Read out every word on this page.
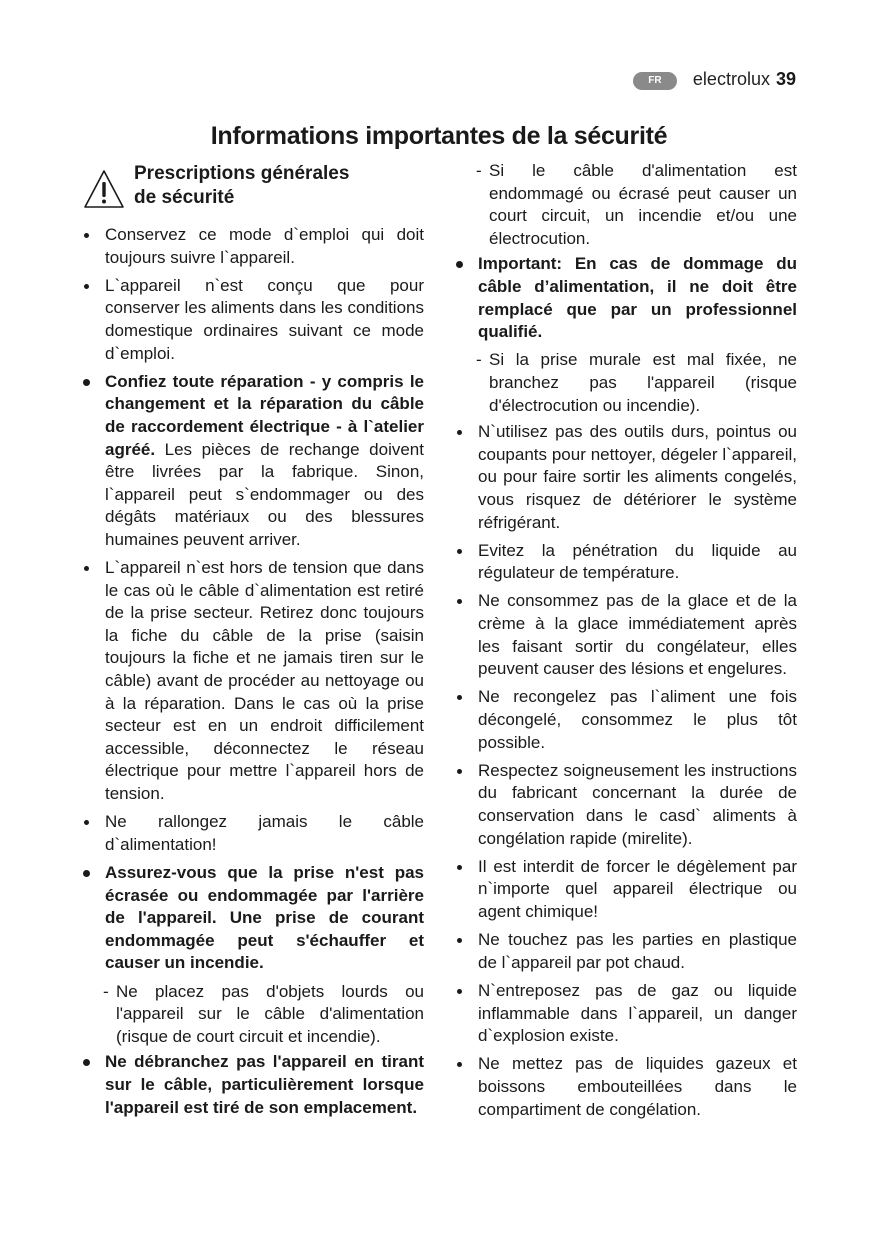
FR	electrolux 39
Informations importantes de la sécurité
Prescriptions générales
de sécurité
Conservez ce mode d`emploi qui doit toujours suivre l`appareil.
L`appareil n`est conçu que pour conserver les aliments dans les conditions domestique ordinaires suivant ce mode d`emploi.
Confiez toute réparation - y compris le changement et la réparation du câble de raccordement électrique - à l`atelier agréé. Les pièces de rechange doivent être livrées par la fabrique. Sinon, l`appareil peut s`endommager ou des dégâts matériaux ou des blessures humaines peuvent arriver.
L`appareil n`est hors de tension que dans le cas où le câble d`alimentation est retiré de la prise secteur. Retirez donc toujours la fiche du câble de la prise (saisin toujours la fiche et ne jamais tiren sur le câble) avant de procéder au nettoyage ou à la réparation. Dans le cas où la prise secteur est en un endroit difficilement accessible, déconnectez le réseau électrique pour mettre l`appareil hors de tension.
Ne rallongez jamais le câble d`alimentation!
Assurez-vous que la prise n'est pas écrasée ou endommagée par l'arrière de l'appareil. Une prise de courant endommagée peut s'échauffer et causer un incendie.
- Ne placez pas d'objets lourds ou l'appareil sur le câble d'alimentation (risque de court circuit et incendie).
Ne débranchez pas l'appareil en tirant sur le câble, particulièrement lorsque l'appareil est tiré de son emplacement.
- Si le câble d'alimentation est endommagé ou écrasé peut causer un court circuit, un incendie et/ou une électrocution.
Important: En cas de dommage du câble d’alimentation, il ne doit être remplacé que par un professionnel qualifié.
- Si la prise murale est mal fixée, ne branchez pas l'appareil (risque d'électrocution ou incendie).
N`utilisez pas des outils durs, pointus ou coupants pour nettoyer, dégeler l`appareil, ou pour faire sortir les aliments congelés, vous risquez de détériorer le système réfrigérant.
Evitez la pénétration du liquide au régulateur de température.
Ne consommez pas de la glace et de la crème à la glace immédiatement après les faisant sortir du congélateur, elles peuvent causer des lésions et engelures.
Ne recongelez pas l`aliment une fois décongelé, consommez le plus tôt possible.
Respectez soigneusement les instructions du fabricant concernant la durée de conservation dans le casd` aliments à congélation rapide (mirelite).
Il est interdit de forcer le dégèlement par n`importe quel appareil électrique ou agent chimique!
Ne touchez pas les parties en plastique de l`appareil par pot chaud.
N`entreposez pas de gaz ou liquide inflammable dans l`appareil, un danger d`explosion existe.
Ne mettez pas de liquides gazeux et boissons embouteillées dans le compartiment de congélation.
